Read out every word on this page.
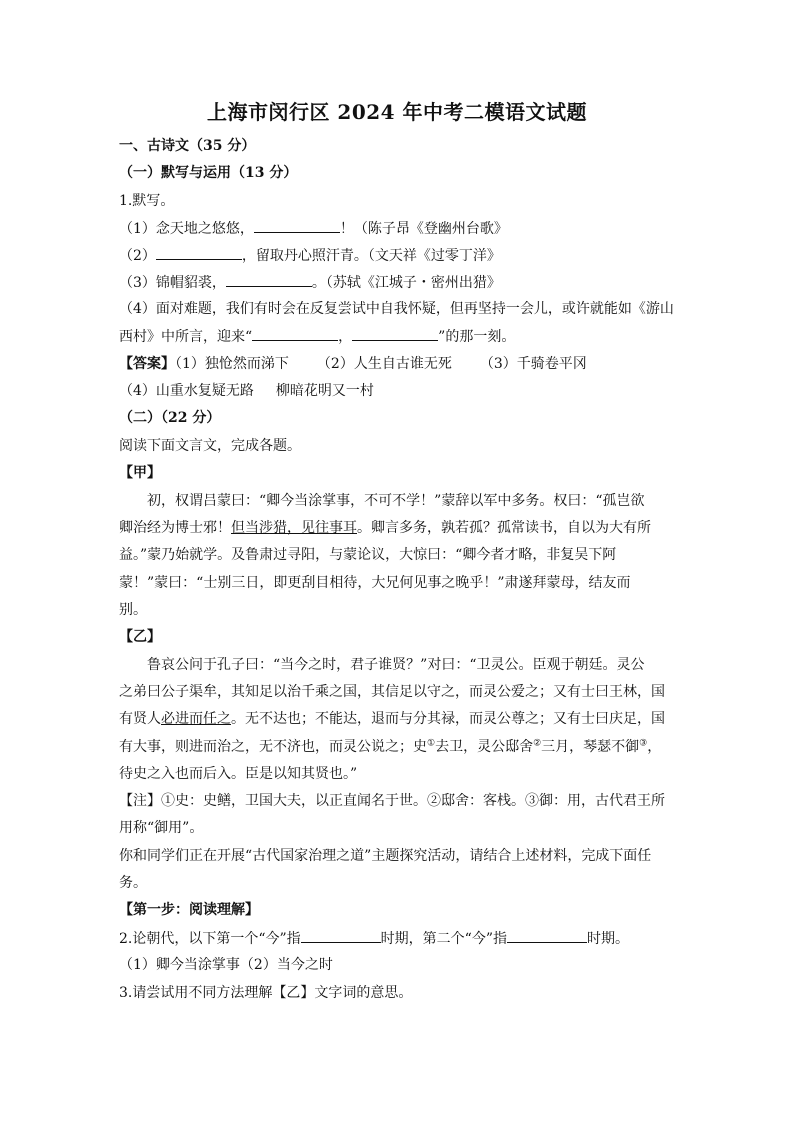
上海市闵行区 2024 年中考二模语文试题
一、古诗文（35 分）
（一）默写与运用（13 分）
1.默写。
（1）念天地之悠悠，	！（陈子昂《登幽州台歌》
（2）	，留取丹心照汗青。（文天祥《过零丁洋》
（3）锦帽貂裘，	。（苏轼《江城子・密州出猎》
（4）面对难题，我们有时会在反复尝试中自我怀疑，但再坚持一会儿，或许就能如《游山
西村》中所言，迎来“	，	”的那一刻。
【答案】（1）独怆然而涕下 （2）人生自古谁无死 （3）千骑卷平冈
（4）山重水复疑无路 柳暗花明又一村
（二）（22 分）
阅读下面文言文，完成各题。
【甲】
初，权谓吕蒙曰：“卿今当涂掌事，不可不学！”蒙辞以军中多务。权曰：“孤岂欲
卿治经为博士邪！但当涉猎，见往事耳。卿言多务，孰若孤？孤常读书，自以为大有所
益。”蒙乃始就学。及鲁肃过寻阳，与蒙论议，大惊曰：“卿今者才略，非复吴下阿
蒙！”蒙曰：“士别三日，即更刮目相待，大兄何见事之晚乎！”肃遂拜蒙母，结友而
别。
【乙】
鲁哀公问于孔子曰：“当今之时，君子谁贤？”对曰：“卫灵公。臣观于朝廷。灵公
之弟曰公子渠牟，其知足以治千乘之国，其信足以守之，而灵公爱之；又有士曰王林，国
有贤人必进而任之。无不达也；不能达，退而与分其禄，而灵公尊之；又有士曰庆足，国
有大事，则进而治之，无不济也，而灵公说之；史①去卫，灵公邸舍②三月，琴瑟不御③，
待史之入也而后入。臣是以知其贤也。”
【注】①史：史鳝，卫国大夫，以正直闻名于世。②邸舍：客栈。③御：用，古代君王所
用称“御用”。
你和同学们正在开展“古代国家治理之道”主题探究活动，请结合上述材料，完成下面任
务。
【第一步：阅读理解】
2.论朝代，以下第一个“今”指	时期，第二个“今”指	时期。
（1）卿今当涂掌事（2）当今之时
3.请尝试用不同方法理解【乙】文字词的意思。
